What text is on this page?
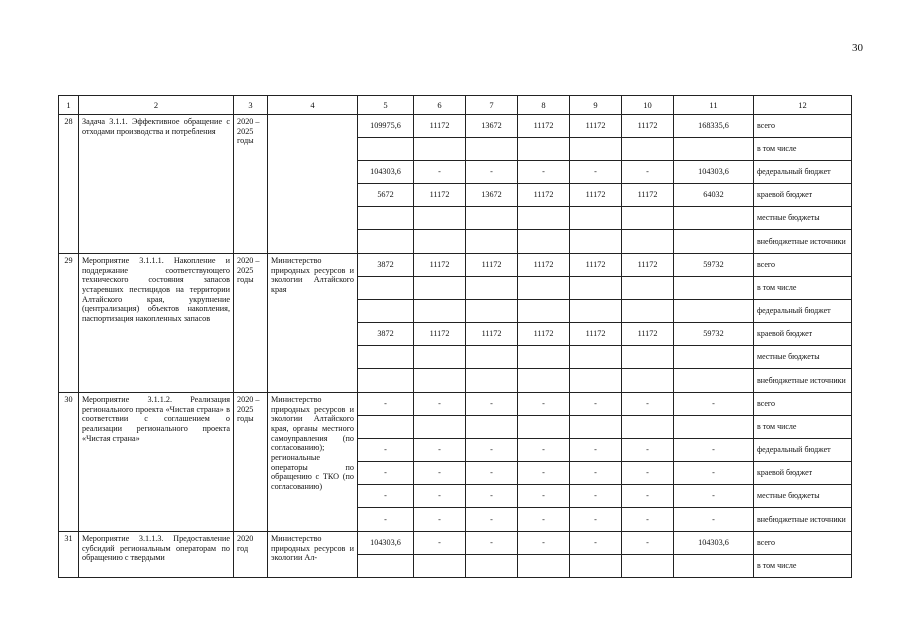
30
1	2	3	4	5	6	7	8	9	10	11	12
28	Задача 3.1.1. Эффективное обращение с отходами производства и потребления	2020 – 2025 годы		109975,6	11172	13672	11172	11172	11172	168335,6	всего
											в том числе
				104303,6	-	-	-	-	-	104303,6	федеральный бюджет
				5672	11172	13672	11172	11172	11172	64032	краевой бюджет
											местные бюджеты
											внебюджетные источники
29	Мероприятие 3.1.1.1. Накопление и поддержание соответствующего технического состояния запасов устаревших пестицидов на территории Алтайского края, укрупнение (централизация) объектов накопления, паспортизация накопленных запасов	2020 – 2025 годы	Министерство природных ресурсов и экологии Алтайского края	3872	11172	11172	11172	11172	11172	59732	всего
											в том числе
											федеральный бюджет
				3872	11172	11172	11172	11172	11172	59732	краевой бюджет
											местные бюджеты
											внебюджетные источники
30	Мероприятие 3.1.1.2. Реализация регионального проекта «Чистая страна» в соответствии с соглашением о реализации регионального проекта «Чистая страна»	2020 – 2025 годы	Министерство природных ресурсов и экологии Алтайского края, органы местного самоуправления (по согласованию); региональные операторы по обращению с ТКО (по согласованию)	-	-	-	-	-	-	-	всего
											в том числе
				-	-	-	-	-	-	-	федеральный бюджет
				-	-	-	-	-	-	-	краевой бюджет
				-	-	-	-	-	-	-	местные бюджеты
				-	-	-	-	-	-	-	внебюджетные источники
31	Мероприятие 3.1.1.3. Предоставление субсидий региональным операторам по обращению с твердыми	2020 год	Министерство природных ресурсов и экологии Ал-	104303,6	-	-	-	-	-	104303,6	всего
											в том числе
